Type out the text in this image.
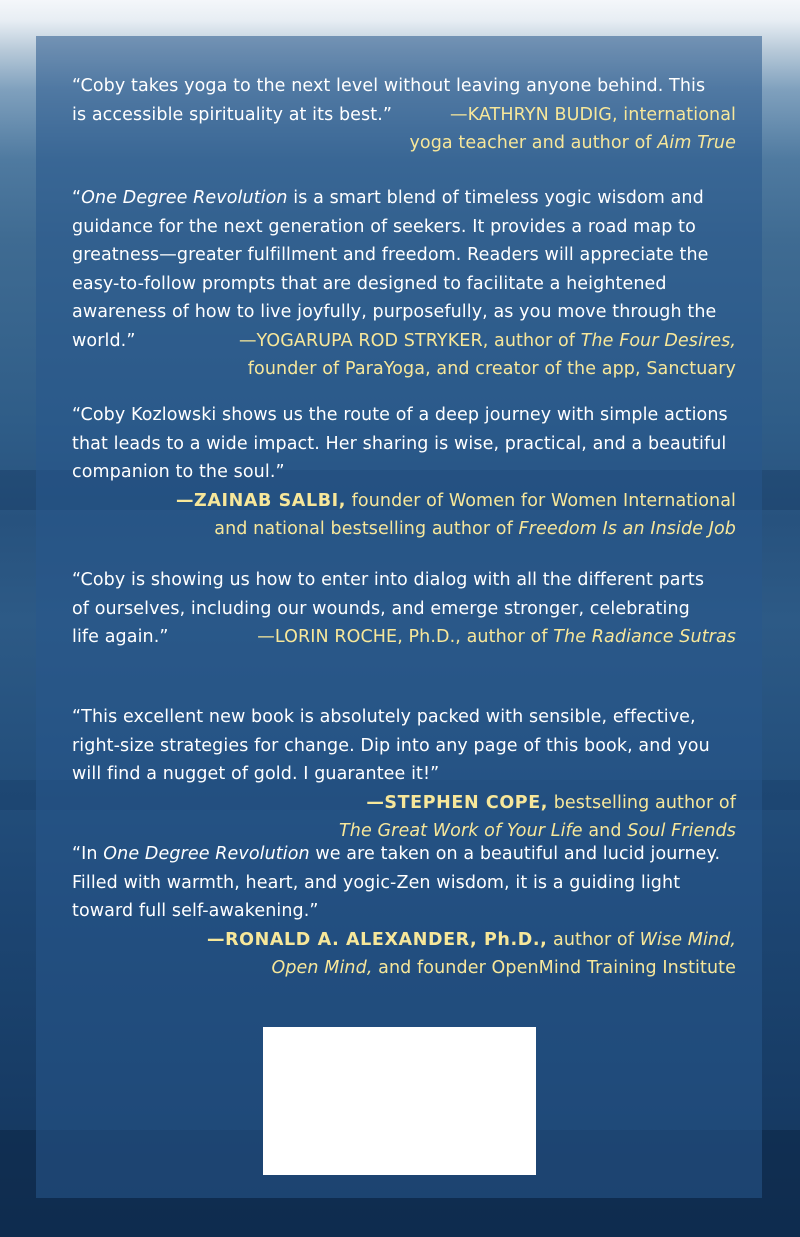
“Coby takes yoga to the next level without leaving anyone behind. This

is accessible spirituality at its best.”	—KATHRYN BUDIG, international

yoga teacher and author of Aim True

“One Degree Revolution is a smart blend of timeless yogic wisdom and

guidance for the next generation of seekers. It provides a road map to

greatness—greater fulfillment and freedom. Readers will appreciate the

easy-to-follow prompts that are designed to facilitate a heightened

awareness of how to live joyfully, purposefully, as you move through the

world.”	—YOGARUPA ROD STRYKER, author of The Four Desires,

founder of ParaYoga, and creator of the app, Sanctuary

“Coby Kozlowski shows us the route of a deep journey with simple actions

that leads to a wide impact. Her sharing is wise, practical, and a beautiful

companion to the soul.”

—ZAINAB SALBI, founder of Women for Women International

and national bestselling author of Freedom Is an Inside Job

“Coby is showing us how to enter into dialog with all the different parts

of ourselves, including our wounds, and emerge stronger, celebrating

life again.”	—LORIN ROCHE, Ph.D., author of The Radiance Sutras

“This excellent new book is absolutely packed with sensible, effective,

right-size strategies for change. Dip into any page of this book, and you

will find a nugget of gold. I guarantee it!”

—STEPHEN COPE, bestselling author of

The Great Work of Your Life and Soul Friends

“In One Degree Revolution we are taken on a beautiful and lucid journey.

Filled with warmth, heart, and yogic-Zen wisdom, it is a guiding light

toward full self-awakening.”

—RONALD A. ALEXANDER, Ph.D., author of Wise Mind,

Open Mind, and founder OpenMind Training Institute
